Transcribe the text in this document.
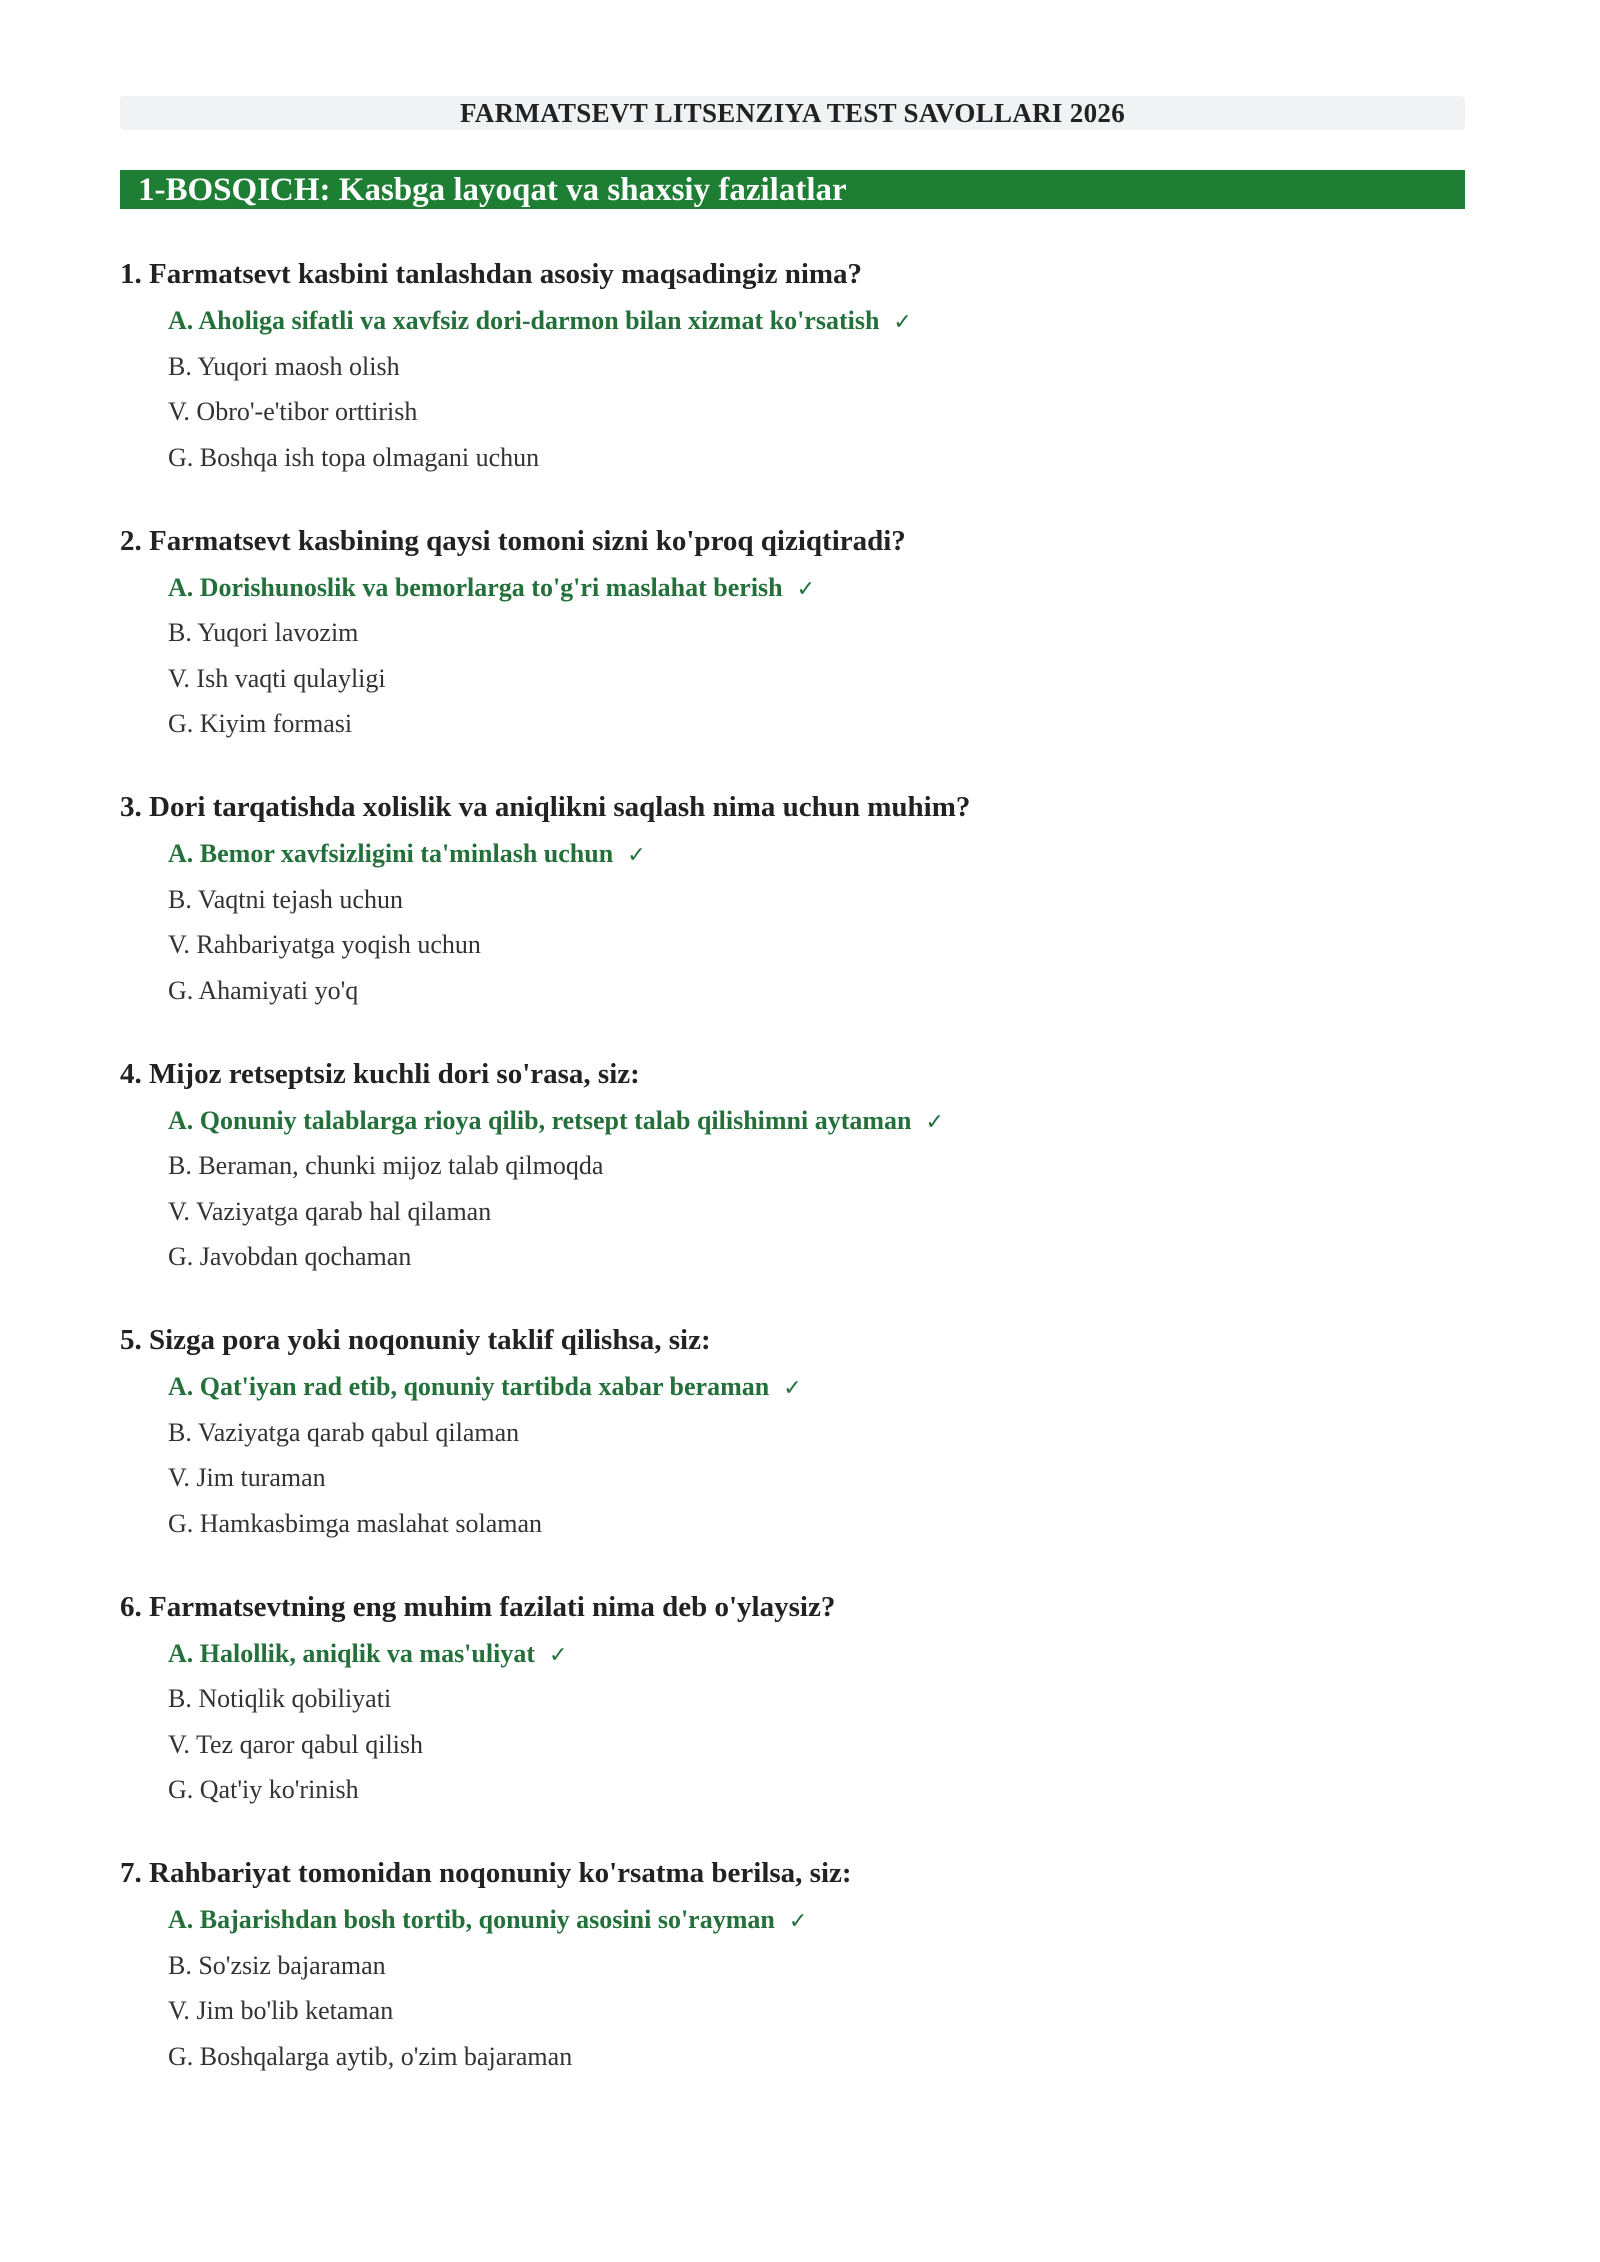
FARMATSEVT LITSENZIYA TEST SAVOLLARI 2026
1-BOSQICH: Kasbga layoqat va shaxsiy fazilatlar
1. Farmatsevt kasbini tanlashdan asosiy maqsadingiz nima?
A. Aholiga sifatli va xavfsiz dori-darmon bilan xizmat ko'rsatish ✓
B. Yuqori maosh olish
V. Obro'-e'tibor orttirish
G. Boshqa ish topa olmagani uchun
2. Farmatsevt kasbining qaysi tomoni sizni ko'proq qiziqtiradi?
A. Dorishunoslik va bemorlarga to'g'ri maslahat berish ✓
B. Yuqori lavozim
V. Ish vaqti qulayligi
G. Kiyim formasi
3. Dori tarqatishda xolislik va aniqlikni saqlash nima uchun muhim?
A. Bemor xavfsizligini ta'minlash uchun ✓
B. Vaqtni tejash uchun
V. Rahbariyatga yoqish uchun
G. Ahamiyati yo'q
4. Mijoz retseptsiz kuchli dori so'rasa, siz:
A. Qonuniy talablarga rioya qilib, retsept talab qilishimni aytaman ✓
B. Beraman, chunki mijoz talab qilmoqda
V. Vaziyatga qarab hal qilaman
G. Javobdan qochaman
5. Sizga pora yoki noqonuniy taklif qilishsa, siz:
A. Qat'iyan rad etib, qonuniy tartibda xabar beraman ✓
B. Vaziyatga qarab qabul qilaman
V. Jim turaman
G. Hamkasbimga maslahat solaman
6. Farmatsevtning eng muhim fazilati nima deb o'ylaysiz?
A. Halollik, aniqlik va mas'uliyat ✓
B. Notiqlik qobiliyati
V. Tez qaror qabul qilish
G. Qat'iy ko'rinish
7. Rahbariyat tomonidan noqonuniy ko'rsatma berilsa, siz:
A. Bajarishdan bosh tortib, qonuniy asosini so'rayman ✓
B. So'zsiz bajaraman
V. Jim bo'lib ketaman
G. Boshqalarga aytib, o'zim bajaraman
